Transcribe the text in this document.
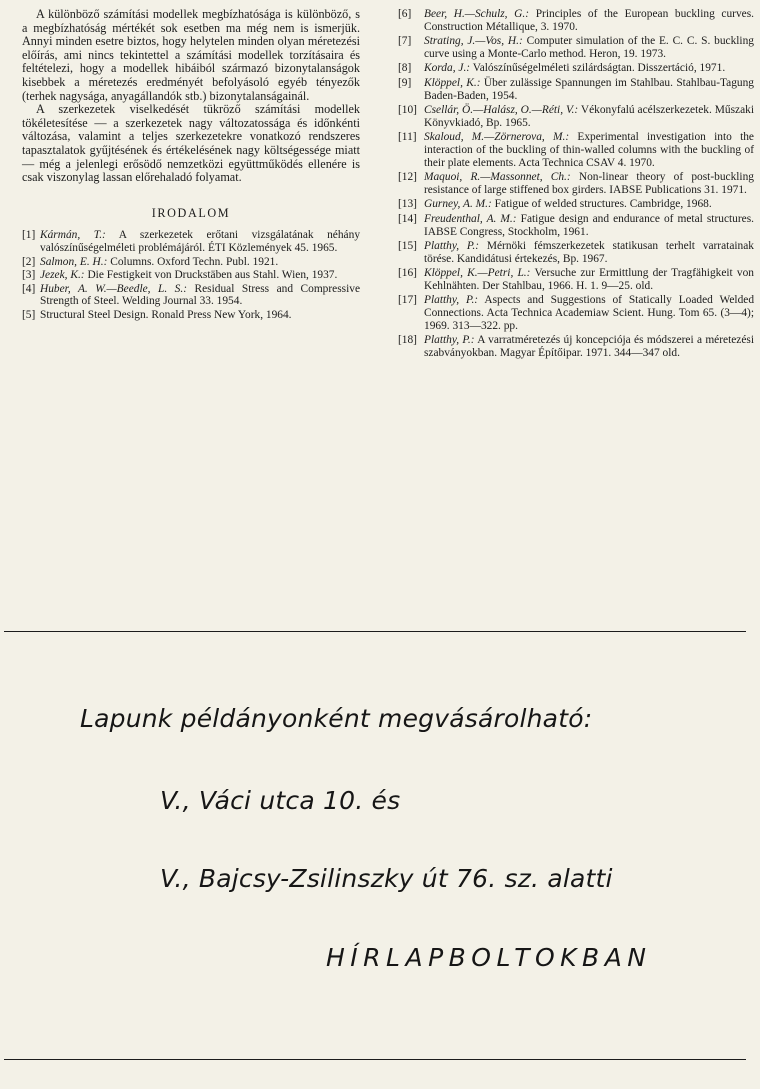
A különböző számítási modellek megbízhatósága is különböző, s a megbízhatóság mértékét sok esetben ma még nem is ismerjük. Annyi minden esetre biztos, hogy helytelen minden olyan méretezési előírás, ami nincs tekintettel a számítási modellek torzításaira és feltételezi, hogy a modellek hibáiból származó bizonytalanságok kisebbek a méretezés eredményét befolyásoló egyéb tényezők (terhek nagysága, anyagállandók stb.) bizonytalanságainál.

A szerkezetek viselkedését tükröző számítási modellek tökéletesítése — a szerkezetek nagy változatossága és időnkénti változása, valamint a teljes szerkezetekre vonatkozó rendszeres tapasztalatok gyűjtésének és értékelésének nagy költségessége miatt — még a jelenlegi erősödő nemzetközi együttműködés ellenére is csak viszonylag lassan előrehaladó folyamat.

IRODALOM
[1] Kármán, T.: A szerkezetek erőtani vizsgálatának néhány valószínűségelméleti problémájáról. ÉTI Közlemények 45. 1965.
[2] Salmon, E. H.: Columns. Oxford Techn. Publ. 1921.
[3] Jezek, K.: Die Festigkeit von Druckstäben aus Stahl. Wien, 1937.
[4] Huber, A. W.—Beedle, L. S.: Residual Stress and Compressive Strength of Steel. Welding Journal 33. 1954.
[5] Structural Steel Design. Ronald Press New York, 1964.
[6]	Beer, H.—Schulz, G.: Principles of the European buckling curves. Construction Métallique, 3. 1970.
[7]	Strating, J.—Vos, H.: Computer simulation of the E. C. C. S. buckling curve using a Monte-Carlo method. Heron, 19. 1973.
[8]	Korda, J.: Valószínűségelméleti szilárdságtan. Disszertáció, 1971.
[9]	Klöppel, K.: Über zulässige Spannungen im Stahlbau. Stahlbau-Tagung Baden-Baden, 1954.
[10] Csellár, Ö.—Halász, O.—Réti, V.: Vékonyfalú acélszerkezetek. Műszaki Könyvkiadó, Bp. 1965.
[11] Skaloud, M.—Zörnerova, M.: Experimental investigation into the interaction of the buckling of thin-walled columns with the buckling of their plate elements. Acta Technica CSAV 4. 1970.
[12] Maquoi, R.—Massonnet, Ch.: Non-linear theory of post-buckling resistance of large stiffened box girders. IABSE Publications 31. 1971.
[13] Gurney, A. M.: Fatigue of welded structures. Cambridge, 1968.
[14] Freudenthal, A. M.: Fatigue design and endurance of metal structures. IABSE Congress, Stockholm, 1961.
[15] Platthy, P.: Mérnöki fémszerkezetek statikusan terhelt varratainak törése. Kandidátusi értekezés, Bp. 1967.
[16] Klöppel, K.—Petri, L.: Versuche zur Ermittlung der Tragfähigkeit von Kehlnähten. Der Stahlbau, 1966. H. 1. 9—25. old.
[17] Platthy, P.: Aspects and Suggestions of Statically Loaded Welded Connections. Acta Technica Academiaw Scient. Hung. Tom 65. (3—4); 1969. 313—322. pp.
[18] Platthy, P.: A varratméretezés új koncepciója és módszerei a méretezési szabványokban. Magyar Építőipar. 1971. 344—347 old.

Lapunk példányonként megvásárolható:

V., Váci utca 10. és

V., Bajcsy-Zsilinszky út 76. sz. alatti

HÍRLAPBOLTOKBAN
